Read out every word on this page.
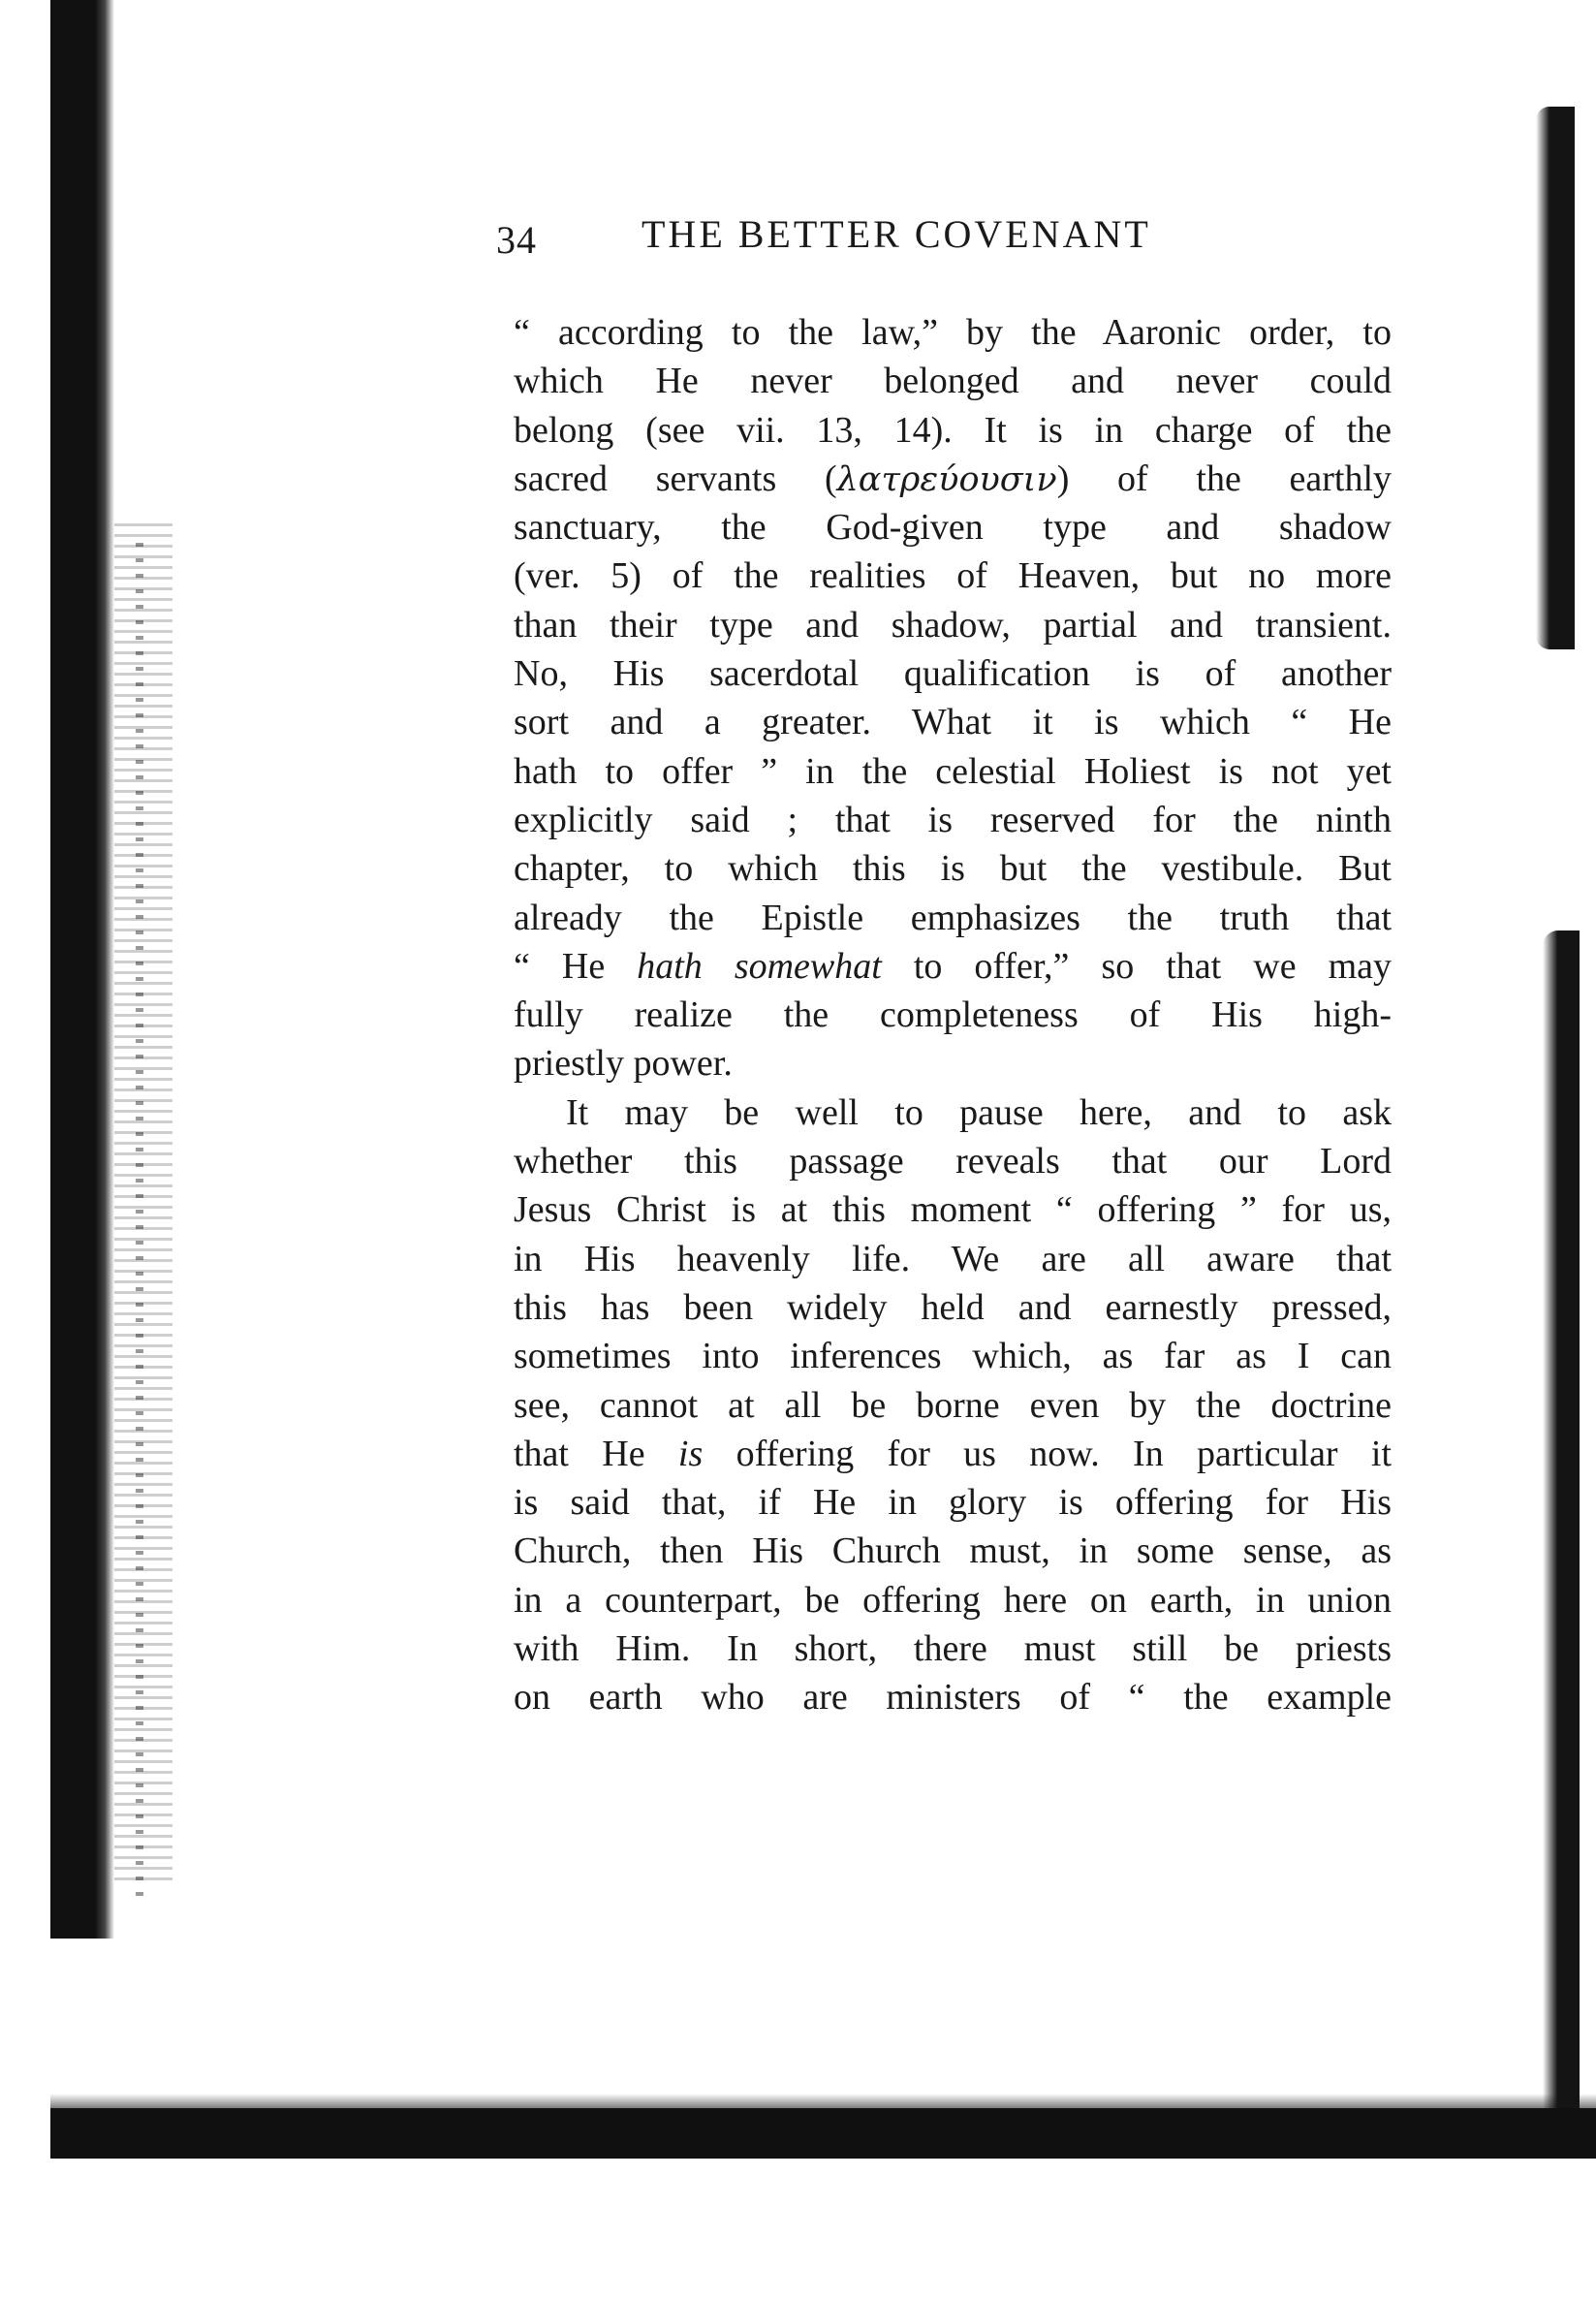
34	THE BETTER COVENANT
“ according to the law,” by the Aaronic order, to
which He never belonged and never could
belong (see vii. 13, 14). It is in charge of the
sacred servants (λατρεύουσιν) of the earthly
sanctuary, the God-given type and shadow
(ver. 5) of the realities of Heaven, but no more
than their type and shadow, partial and transient.
No, His sacerdotal qualification is of another
sort and a greater. What it is which “ He
hath to offer ” in the celestial Holiest is not yet
explicitly said ; that is reserved for the ninth
chapter, to which this is but the vestibule. But
already the Epistle emphasizes the truth that
“ He hath somewhat to offer,” so that we may
fully realize the completeness of His high-
priestly power.
It may be well to pause here, and to ask
whether this passage reveals that our Lord
Jesus Christ is at this moment “ offering ” for us,
in His heavenly life. We are all aware that
this has been widely held and earnestly pressed,
sometimes into inferences which, as far as I can
see, cannot at all be borne even by the doctrine
that He is offering for us now. In particular it
is said that, if He in glory is offering for His
Church, then His Church must, in some sense, as
in a counterpart, be offering here on earth, in union
with Him. In short, there must still be priests
on earth who are ministers of “ the example
